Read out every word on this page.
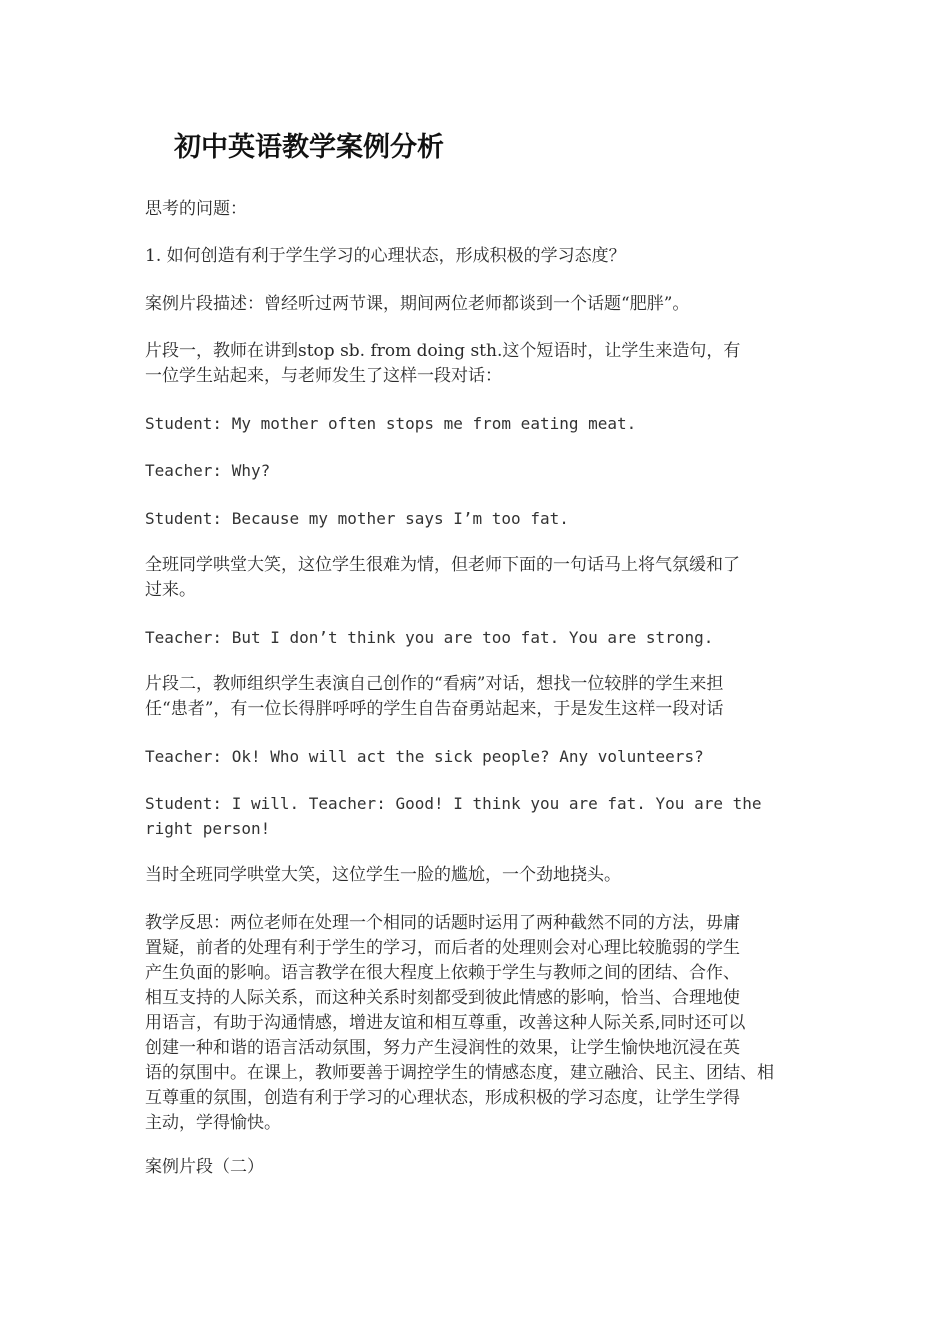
初中英语教学案例分析

思考的问题：

1. 如何创造有利于学生学习的心理状态，形成积极的学习态度？

案例片段描述：曾经听过两节课，期间两位老师都谈到一个话题“肥胖”。

片段一，教师在讲到stop sb. from doing sth.这个短语时，让学生来造句，有
一位学生站起来，与老师发生了这样一段对话：

Student: My mother often stops me from eating meat.

Teacher: Why?

Student: Because my mother says I’m too fat.

全班同学哄堂大笑，这位学生很难为情，但老师下面的一句话马上将气氛缓和了
过来。

Teacher: But I don’t think you are too fat. You are strong.

片段二，教师组织学生表演自己创作的“看病”对话，想找一位较胖的学生来担
任“患者”，有一位长得胖呼呼的学生自告奋勇站起来，于是发生这样一段对话

Teacher: Ok! Who will act the sick people? Any volunteers?

Student: I will. Teacher: Good! I think you are fat. You are the
right person!

当时全班同学哄堂大笑，这位学生一脸的尴尬，一个劲地挠头。

教学反思：两位老师在处理一个相同的话题时运用了两种截然不同的方法，毋庸
置疑，前者的处理有利于学生的学习，而后者的处理则会对心理比较脆弱的学生
产生负面的影响。语言教学在很大程度上依赖于学生与教师之间的团结、合作、
相互支持的人际关系，而这种关系时刻都受到彼此情感的影响，恰当、合理地使
用语言，有助于沟通情感，增进友谊和相互尊重，改善这种人际关系,同时还可以
创建一种和谐的语言活动氛围，努力产生浸润性的效果，让学生愉快地沉浸在英
语的氛围中。在课上，教师要善于调控学生的情感态度，建立融洽、民主、团结、相
互尊重的氛围，创造有利于学习的心理状态，形成积极的学习态度，让学生学得
主动，学得愉快。

案例片段（二）
